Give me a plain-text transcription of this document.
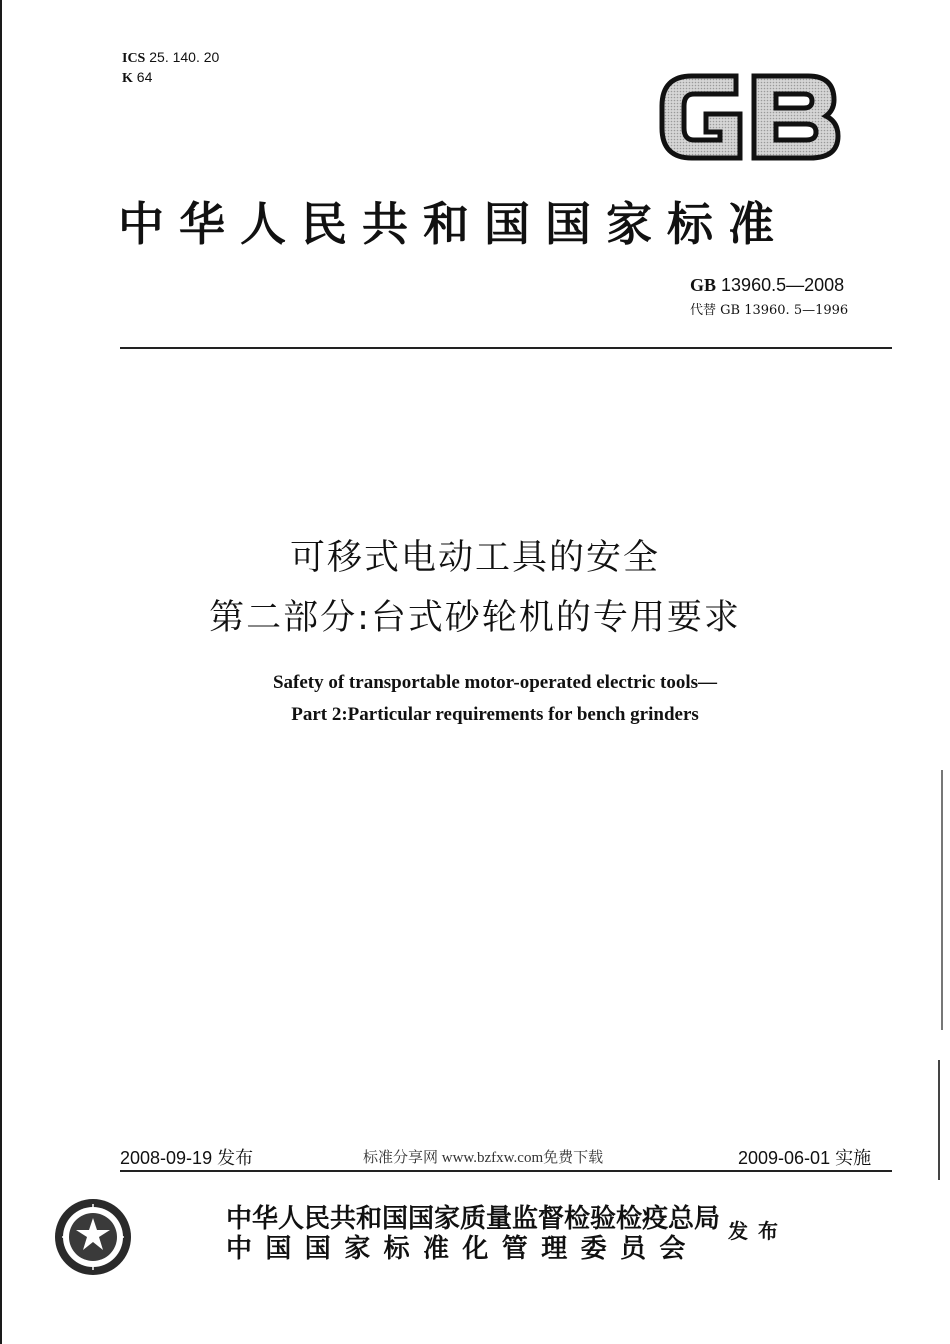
ICS 25. 140. 20
K 64
中华人民共和国国家标准
GB 13960.5—2008
代替 GB 13960. 5—1996
可移式电动工具的安全
第二部分:台式砂轮机的专用要求
Safety of transportable motor-operated electric tools—
Part 2:Particular requirements for bench grinders
2008-09-19 发布	标准分享网 www.bzfxw.com免费下载	2009-06-01 实施
中华人民共和国国家质量监督检验检疫总局
中国国家标准化管理委员会
发布
